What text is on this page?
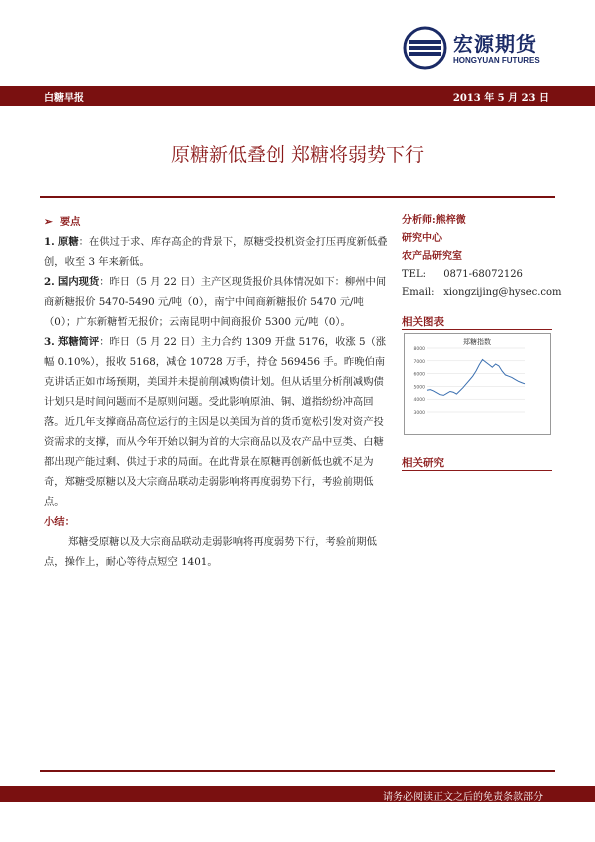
宏源期货
HONGYUAN FUTURES
白糖早报	2013 年 5 月 23 日
原糖新低叠创 郑糖将弱势下行

➢ 要点

1. 原糖：在供过于求、库存高企的背景下，原糖受投机资金打压再度新低叠创，收至 3 年来新低。

2. 国内现货：昨日（5 月 22 日）主产区现货报价具体情况如下：柳州中间商新糖报价 5470-5490 元/吨（0），南宁中间商新糖报价 5470 元/吨（0）；广东新糖暂无报价；云南昆明中间商报价 5300 元/吨（0）。

3. 郑糖简评：昨日（5 月 22 日）主力合约 1309 开盘 5176，收涨 5（涨幅 0.10%），报收 5168，减仓 10728 万手，持仓 569456 手。昨晚伯南克讲话正如市场预期，美国并未提前削减购债计划。但从话里分析削减购债计划只是时间问题而不是原则问题。受此影响原油、铜、道指纷纷冲高回落。近几年支撑商品高位运行的主因是以美国为首的货币宽松引发对资产投资需求的支撑，而从今年开始以铜为首的大宗商品以及农产品中豆类、白糖都出现产能过剩、供过于求的局面。在此背景在原糖再创新低也就不足为奇，郑糖受原糖以及大宗商品联动走弱影响将再度弱势下行，考验前期低点。

小结：

郑糖受原糖以及大宗商品联动走弱影响将再度弱势下行，考验前期低点，操作上，耐心等待点短空 1401。

分析师:熊梓微
研究中心
农产品研究室
TEL: 0871-68072126
Email: xiongzijing@hysec.com
相关图表
郑糖指数
8000
7000
6000
5000
4000
3000
相关研究
请务必阅读正文之后的免责条款部分
